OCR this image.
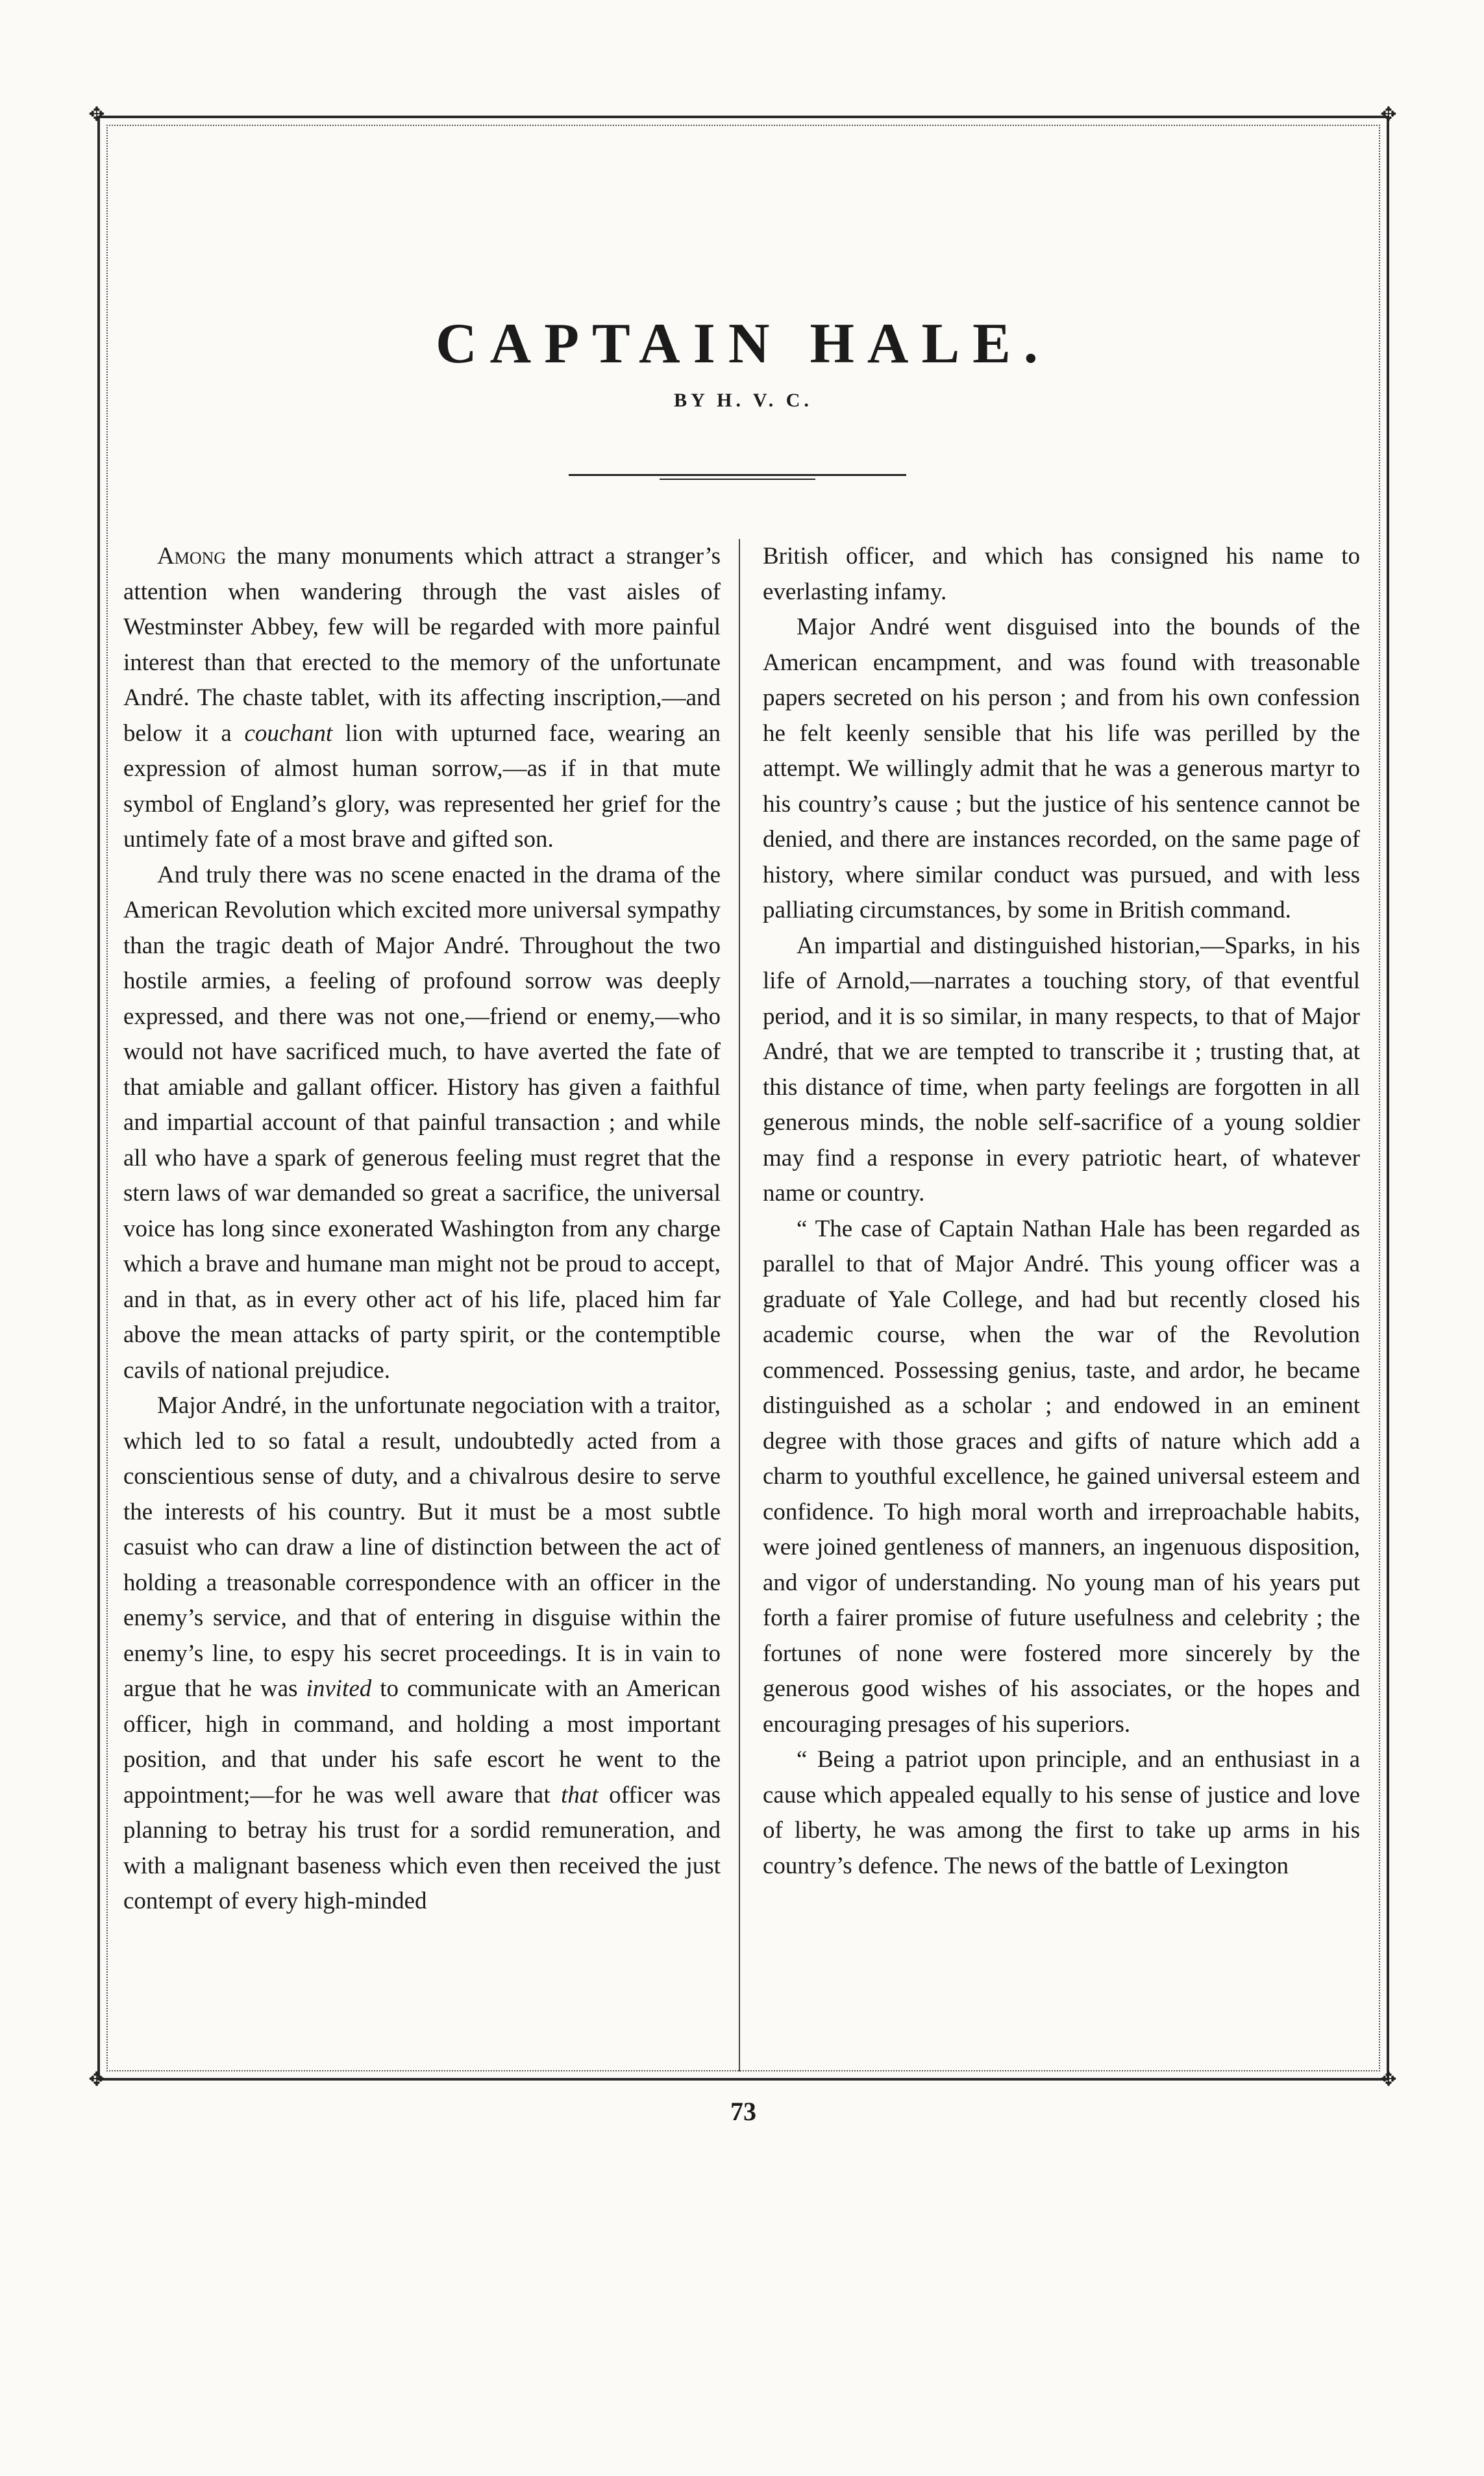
✥	✥
✥	✥
CAPTAIN HALE.
BY H. V. C.

Among the many monuments which attract a stranger’s attention when wandering through the vast aisles of Westminster Abbey, few will be regarded with more painful interest than that erected to the memory of the unfortunate André. The chaste tablet, with its affecting inscription,—and below it a couchant lion with upturned face, wearing an expression of almost human sorrow,—as if in that mute symbol of England’s glory, was represented her grief for the untimely fate of a most brave and gifted son.

And truly there was no scene enacted in the drama of the American Revolution which excited more universal sympathy than the tragic death of Major André. Throughout the two hostile armies, a feeling of profound sorrow was deeply expressed, and there was not one,—friend or enemy,—who would not have sacrificed much, to have averted the fate of that amiable and gallant officer. History has given a faithful and impartial account of that painful transaction ; and while all who have a spark of generous feeling must regret that the stern laws of war demanded so great a sacrifice, the universal voice has long since exonerated Washington from any charge which a brave and humane man might not be proud to accept, and in that, as in every other act of his life, placed him far above the mean attacks of party spirit, or the contemptible cavils of national prejudice.

Major André, in the unfortunate negociation with a traitor, which led to so fatal a result, undoubtedly acted from a conscientious sense of duty, and a chivalrous desire to serve the interests of his country. But it must be a most subtle casuist who can draw a line of distinction between the act of holding a treasonable correspondence with an officer in the enemy’s service, and that of entering in disguise within the enemy’s line, to espy his secret proceedings. It is in vain to argue that he was invited to communicate with an American officer, high in command, and holding a most important position, and that under his safe escort he went to the appointment;—for he was well aware that that officer was planning to betray his trust for a sordid remuneration, and with a malignant baseness which even then received the just contempt of every high-minded

British officer, and which has consigned his name to everlasting infamy.

Major André went disguised into the bounds of the American encampment, and was found with treasonable papers secreted on his person ; and from his own confession he felt keenly sensible that his life was perilled by the attempt. We willingly admit that he was a generous martyr to his country’s cause ; but the justice of his sentence cannot be denied, and there are instances recorded, on the same page of history, where similar conduct was pursued, and with less palliating circumstances, by some in British command.

An impartial and distinguished historian,—Sparks, in his life of Arnold,—narrates a touching story, of that eventful period, and it is so similar, in many respects, to that of Major André, that we are tempted to transcribe it ; trusting that, at this distance of time, when party feelings are forgotten in all generous minds, the noble self-sacrifice of a young soldier may find a response in every patriotic heart, of whatever name or country.

“ The case of Captain Nathan Hale has been regarded as parallel to that of Major André. This young officer was a graduate of Yale College, and had but recently closed his academic course, when the war of the Revolution commenced. Possessing genius, taste, and ardor, he became distinguished as a scholar ; and endowed in an eminent degree with those graces and gifts of nature which add a charm to youthful excellence, he gained universal esteem and confidence. To high moral worth and irreproachable habits, were joined gentleness of manners, an ingenuous disposition, and vigor of understanding. No young man of his years put forth a fairer promise of future usefulness and celebrity ; the fortunes of none were fostered more sincerely by the generous good wishes of his associates, or the hopes and encouraging presages of his superiors.

“ Being a patriot upon principle, and an enthusiast in a cause which appealed equally to his sense of justice and love of liberty, he was among the first to take up arms in his country’s defence. The news of the battle of Lexington

73
